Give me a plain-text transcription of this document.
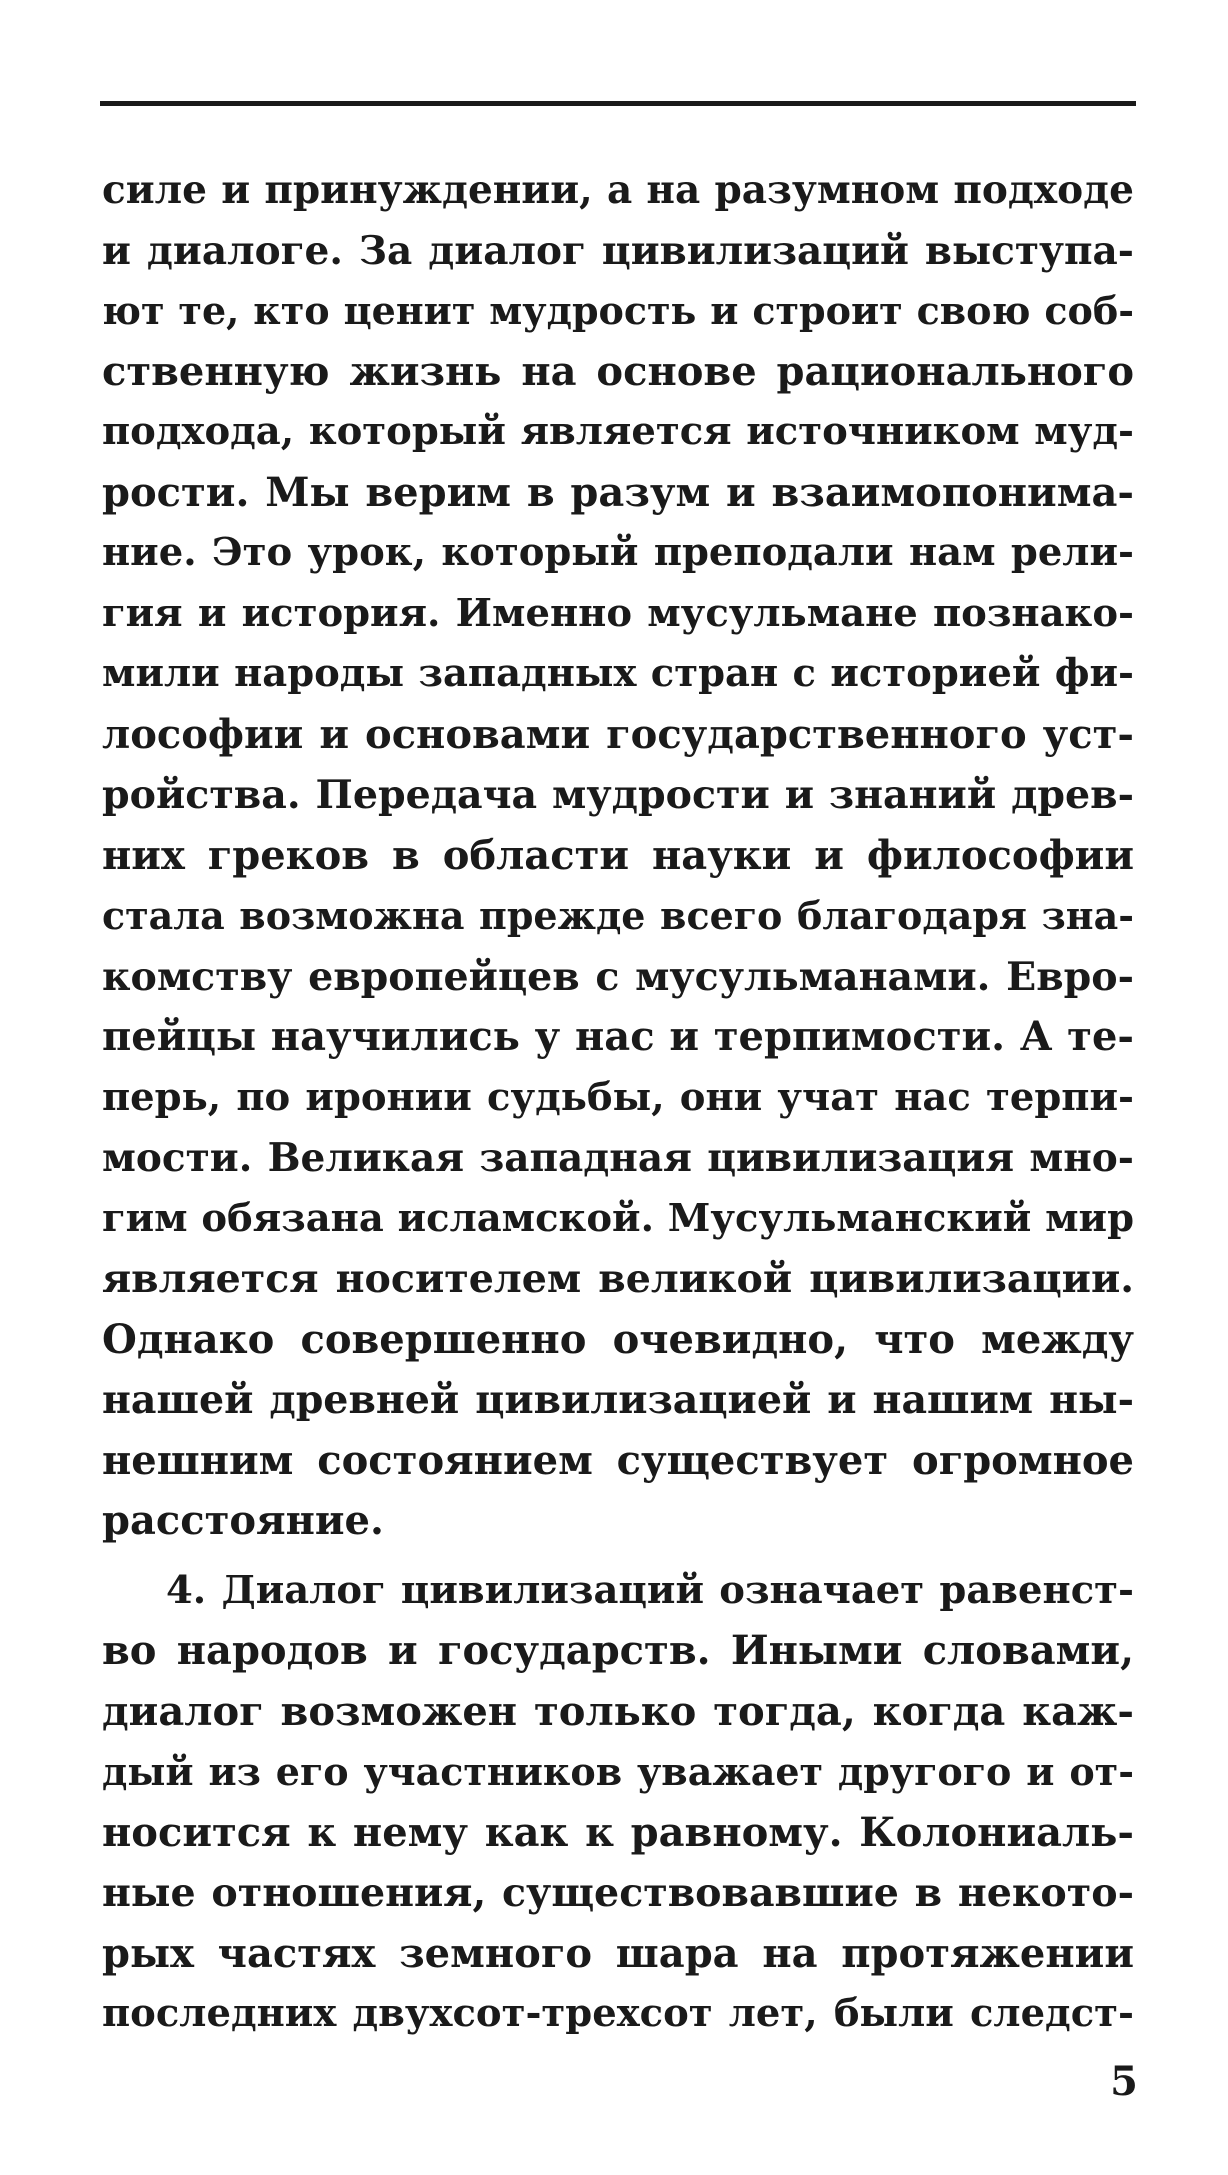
силе и принуждении, а на разумном подходе
и диалоге. За диалог цивилизаций выступа-
ют те, кто ценит мудрость и строит свою соб-
ственную жизнь на основе рационального
подхода, который является источником муд-
рости. Мы верим в разум и взаимопонима-
ние. Это урок, который преподали нам рели-
гия и история. Именно мусульмане познако-
мили народы западных стран с историей фи-
лософии и основами государственного уст-
ройства. Передача мудрости и знаний древ-
них греков в области науки и философии
стала возможна прежде всего благодаря зна-
комству европейцев с мусульманами. Евро-
пейцы научились у нас и терпимости. А те-
перь, по иронии судьбы, они учат нас терпи-
мости. Великая западная цивилизация мно-
гим обязана исламской. Мусульманский мир
является носителем великой цивилизации.
Однако совершенно очевидно, что между
нашей древней цивилизацией и нашим ны-
нешним состоянием существует огромное
расстояние.
4. Диалог цивилизаций означает равенст-
во народов и государств. Иными словами,
диалог возможен только тогда, когда каж-
дый из его участников уважает другого и от-
носится к нему как к равному. Колониаль-
ные отношения, существовавшие в некото-
рых частях земного шара на протяжении
последних двухсот-трехсот лет, были следст-
5
